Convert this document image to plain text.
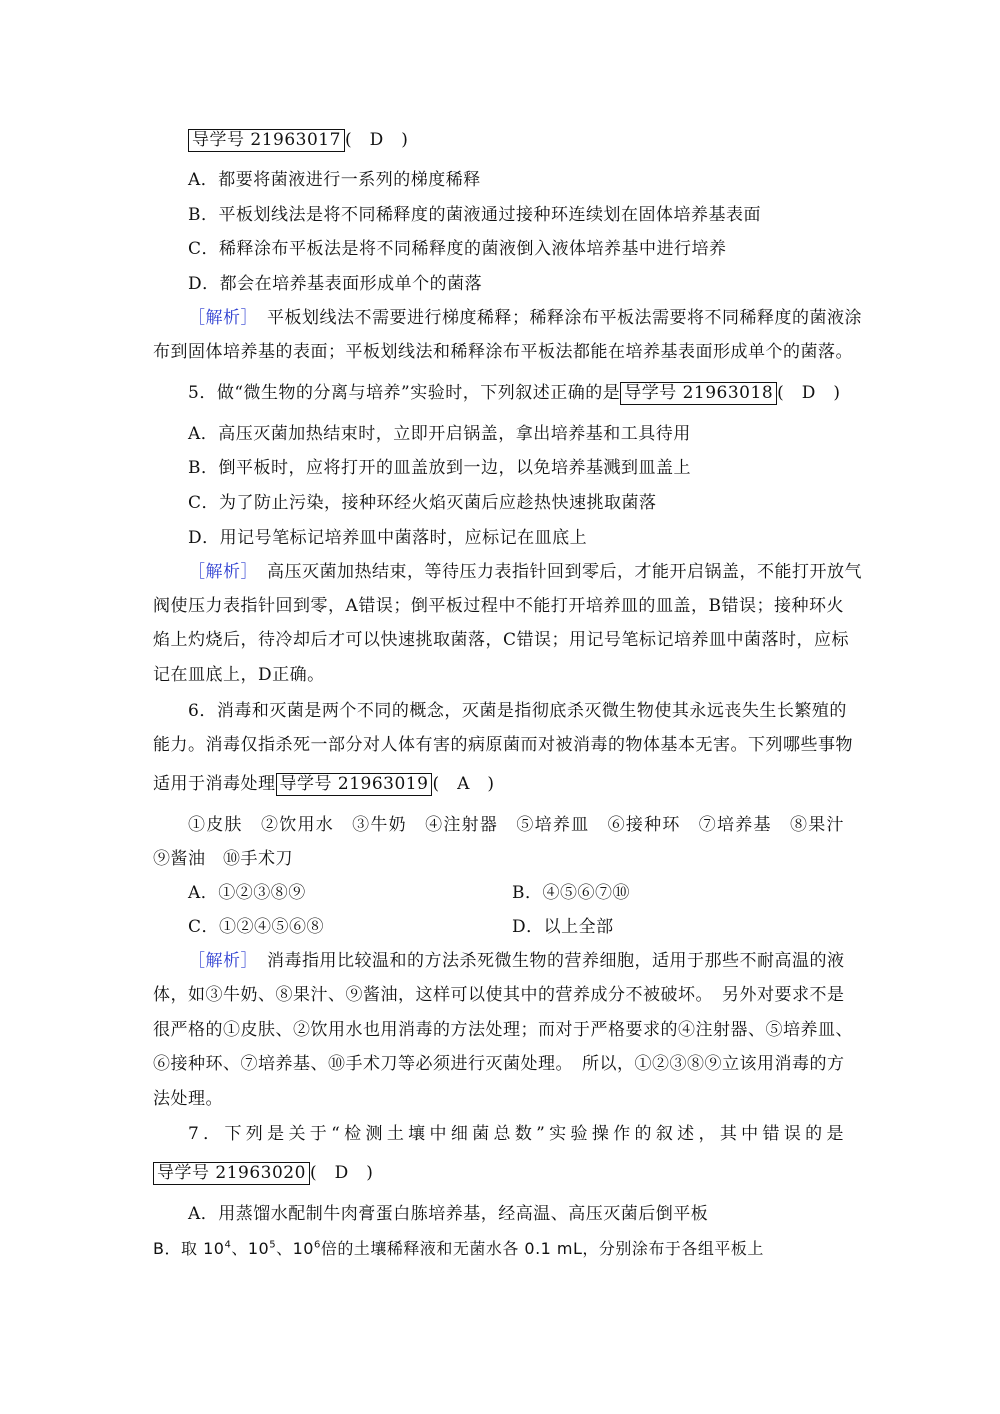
导学号 21963017 (　D　)
A．都要将菌液进行一系列的梯度稀释
B．平板划线法是将不同稀释度的菌液通过接种环连续划在固体培养基表面
C．稀释涂布平板法是将不同稀释度的菌液倒入液体培养基中进行培养
D．都会在培养基表面形成单个的菌落
［解析］　平板划线法不需要进行梯度稀释；稀释涂布平板法需要将不同稀释度的菌液涂
布到固体培养基的表面；平板划线法和稀释涂布平板法都能在培养基表面形成单个的菌落。
5．做“微生物的分离与培养”实验时，下列叙述正确的是 导学号 21963018 (　D　)
A．高压灭菌加热结束时，立即开启锅盖，拿出培养基和工具待用
B．倒平板时，应将打开的皿盖放到一边，以免培养基溅到皿盖上
C．为了防止污染，接种环经火焰灭菌后应趁热快速挑取菌落
D．用记号笔标记培养皿中菌落时，应标记在皿底上
［解析］　高压灭菌加热结束，等待压力表指针回到零后，才能开启锅盖，不能打开放气
阀使压力表指针回到零，A错误；倒平板过程中不能打开培养皿的皿盖，B错误；接种环火
焰上灼烧后，待冷却后才可以快速挑取菌落，C错误；用记号笔标记培养皿中菌落时，应标
记在皿底上，D正确。
6．消毒和灭菌是两个不同的概念，灭菌是指彻底杀灭微生物使其永远丧失生长繁殖的
能力。消毒仅指杀死一部分对人体有害的病原菌而对被消毒的物体基本无害。下列哪些事物
适用于消毒处理 导学号 21963019 (　A　)
①皮肤　②饮用水　③牛奶　④注射器　⑤培养皿　⑥接种环　⑦培养基　⑧果汁
⑨酱油　⑩手术刀
A．①②③⑧⑨	B．④⑤⑥⑦⑩
C．①②④⑤⑥⑧	D．以上全部
［解析］　消毒指用比较温和的方法杀死微生物的营养细胞，适用于那些不耐高温的液
体，如③牛奶、⑧果汁、⑨酱油，这样可以使其中的营养成分不被破坏。　另外对要求不是
很严格的①皮肤、②饮用水也用消毒的方法处理；而对于严格要求的④注射器、⑤培养皿、
⑥接种环、⑦培养基、⑩手术刀等必须进行灭菌处理。　所以，①②③⑧⑨立该用消毒的方
法处理。
7．下列是关于“检测土壤中细菌总数”实验操作的叙述，其中错误的是
导学号 21963020 (　D　)
A．用蒸馏水配制牛肉膏蛋白胨培养基，经高温、高压灭菌后倒平板
B．取 $10^4$、$10^5$、$10^6$倍的土壤稀释液和无菌水各 0.1 mL，分别涂布于各组平板上
